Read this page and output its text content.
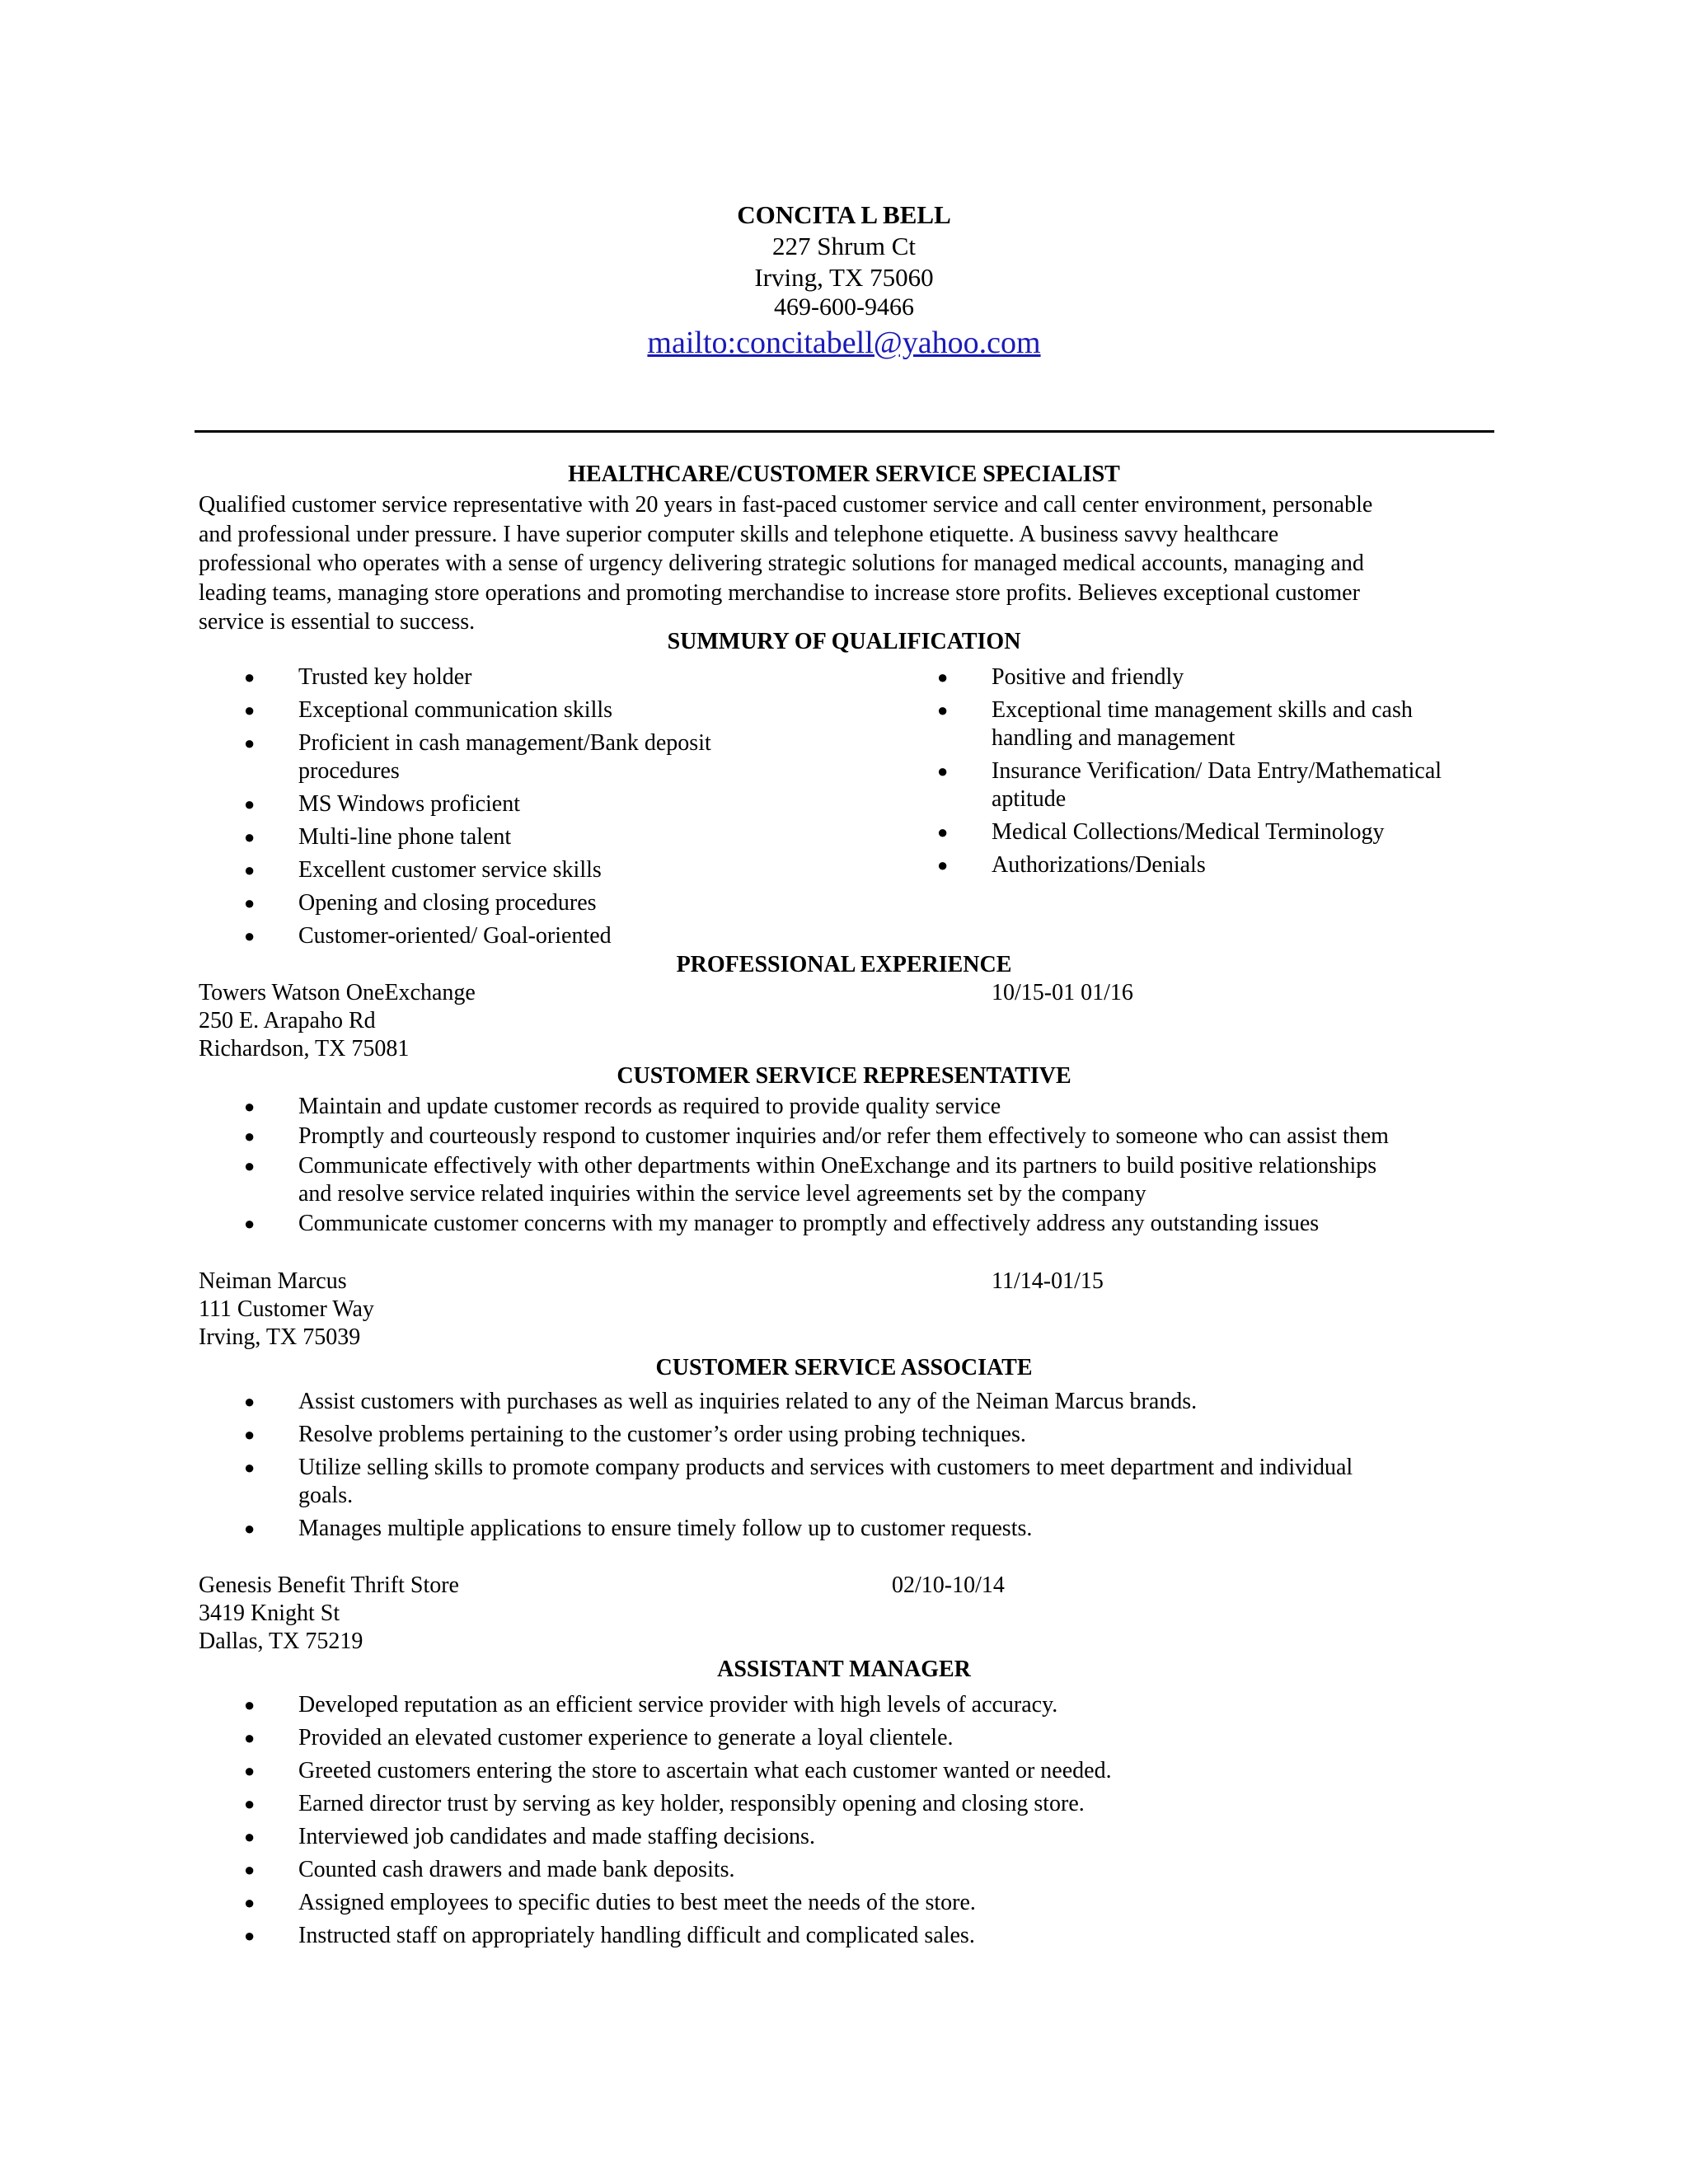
CONCITA L BELL
227 Shrum Ct
Irving, TX 75060
469-600-9466
mailto:concitabell@yahoo.com
HEALTHCARE/CUSTOMER SERVICE SPECIALIST

Qualified customer service representative with 20 years in fast-paced customer service and call center environment, personable

and professional under pressure. I have superior computer skills and telephone etiquette. A business savvy healthcare

professional who operates with a sense of urgency delivering strategic solutions for managed medical accounts, managing and

leading teams, managing store operations and promoting merchandise to increase store profits. Believes exceptional customer

service is essential to success.

SUMMURY OF QUALIFICATION
● Trusted key holder
● Exceptional communication skills
● Proficient in cash management/Bank deposit
procedures
● MS Windows proficient
● Multi-line phone talent
● Excellent customer service skills
● Opening and closing procedures
● Customer-oriented/ Goal-oriented
● Positive and friendly
● Exceptional time management skills and cash
handling and management
● Insurance Verification/ Data Entry/Mathematical
aptitude
● Medical Collections/Medical Terminology
● Authorizations/Denials
PROFESSIONAL EXPERIENCE
Towers Watson OneExchange	10/15-01 01/16
250 E. Arapaho Rd
Richardson, TX 75081
CUSTOMER SERVICE REPRESENTATIVE
● Maintain and update customer records as required to provide quality service
● Promptly and courteously respond to customer inquiries and/or refer them effectively to someone who can assist them
● Communicate effectively with other departments within OneExchange and its partners to build positive relationships
and resolve service related inquiries within the service level agreements set by the company
● Communicate customer concerns with my manager to promptly and effectively address any outstanding issues
Neiman Marcus	11/14-01/15
111 Customer Way
Irving, TX 75039
CUSTOMER SERVICE ASSOCIATE
● Assist customers with purchases as well as inquiries related to any of the Neiman Marcus brands.
● Resolve problems pertaining to the customer’s order using probing techniques.
● Utilize selling skills to promote company products and services with customers to meet department and individual
goals.
● Manages multiple applications to ensure timely follow up to customer requests.
Genesis Benefit Thrift Store	02/10-10/14
3419 Knight St
Dallas, TX 75219
ASSISTANT MANAGER
● Developed reputation as an efficient service provider with high levels of accuracy.
● Provided an elevated customer experience to generate a loyal clientele.
● Greeted customers entering the store to ascertain what each customer wanted or needed.
● Earned director trust by serving as key holder, responsibly opening and closing store.
● Interviewed job candidates and made staffing decisions.
● Counted cash drawers and made bank deposits.
● Assigned employees to specific duties to best meet the needs of the store.
● Instructed staff on appropriately handling difficult and complicated sales.
